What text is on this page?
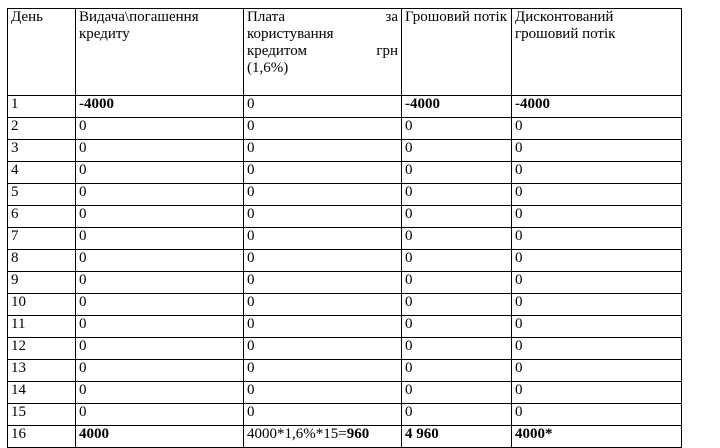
День	Видача\погашення кредиту	Плата за
користування
кредитом грн
(1,6%)	Грошовий потік	Дисконтований грошовий потік
1	-4000	0	-4000	-4000
2	0	0	0	0
3	0	0	0	0
4	0	0	0	0
5	0	0	0	0
6	0	0	0	0
7	0	0	0	0
8	0	0	0	0
9	0	0	0	0
10	0	0	0	0
11	0	0	0	0
12	0	0	0	0
13	0	0	0	0
14	0	0	0	0
15	0	0	0	0
16	4000	4000*1,6%*15=960	4 960	4000*
